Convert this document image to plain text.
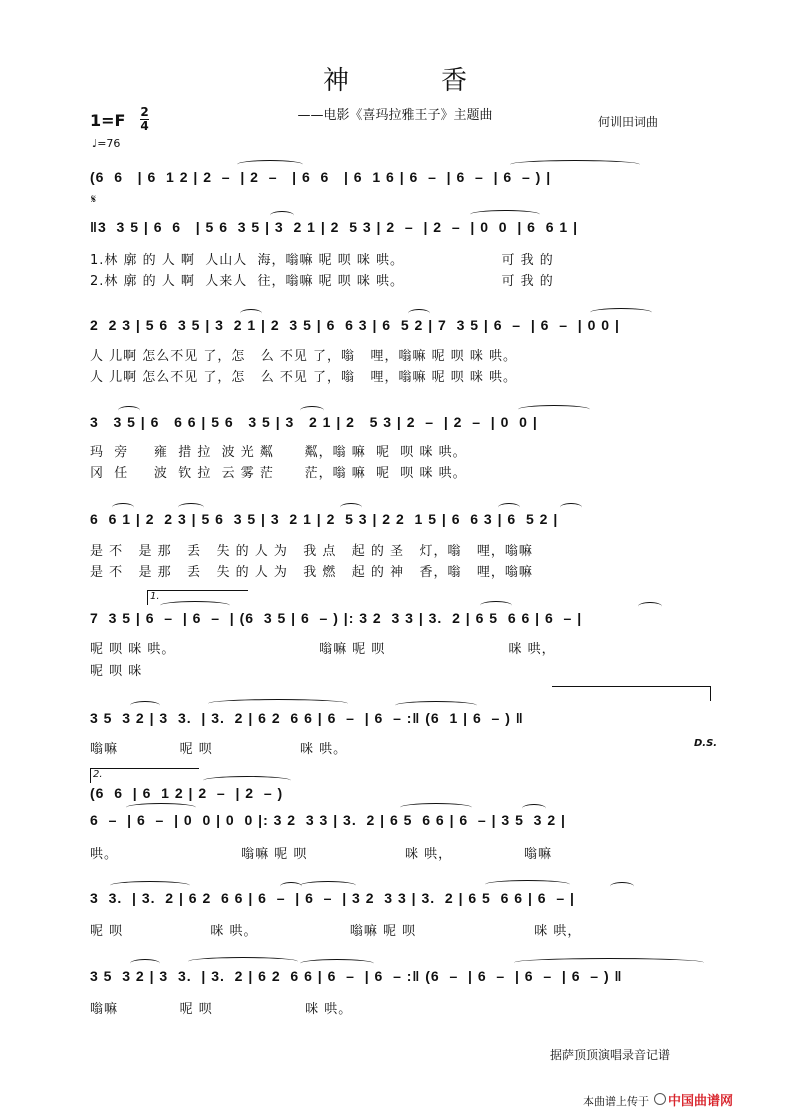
神香
——电影《喜玛拉雅王子》主题曲	何训田词曲
1=F 2
4
♩=76
𝄋
(6  6   | 6  1 2 | 2  –  | 2  –   | 6  6   | 6  1 6 | 6  –  | 6  –  | 6  – ) |
‖3  3 5 | 6  6   | 5 6  3 5 | 3  2 1 | 2  5 3 | 2  –  | 2  –  | 0  0  | 6  6 1 |
1.林 廓 的 人 啊  人山人  海，嗡嘛 呢 呗 咪 哄。                   可 我 的
2.林 廓 的 人 啊  人来人  往，嗡嘛 呢 呗 咪 哄。                   可 我 的
2  2 3 | 5 6  3 5 | 3  2 1 | 2  3 5 | 6  6 3 | 6  5 2 | 7  3 5 | 6  –  | 6  –  | 0 0 |
人 儿啊 怎么不见 了，怎   么 不见 了，嗡   哩，嗡嘛 呢 呗 咪 哄。
人 儿啊 怎么不见 了，怎   么 不见 了，嗡   哩，嗡嘛 呢 呗 咪 哄。
3   3 5 | 6   6 6 | 5 6   3 5 | 3   2 1 | 2   5 3 | 2  –  | 2  –  | 0  0 |
玛  旁     雍  措 拉  波 光 粼      粼，嗡 嘛  呢  呗 咪 哄。
冈  任     波  钦 拉  云 雾 茫      茫，嗡 嘛  呢  呗 咪 哄。
6  6 1 | 2  2 3 | 5 6  3 5 | 3  2 1 | 2  5 3 | 2 2  1 5 | 6  6 3 | 6  5 2 |
是 不   是 那   丢   失 的 人 为   我 点   起 的 圣   灯，嗡   哩，嗡嘛
是 不   是 那   丢   失 的 人 为   我 燃   起 的 神   香，嗡   哩，嗡嘛
1.
7  3 5 | 6  –  | 6  –  | (6  3 5 | 6  – ) |: 3 2  3 3 | 3.  2 | 6 5  6 6 | 6  – |
呢 呗 咪 哄。                            嗡嘛 呢 呗                        咪 哄，
呢 呗 咪
3 5  3 2 | 3  3.  | 3.  2 | 6 2  6 6 | 6  –  | 6  – :‖ (6  1 | 6  – ) ‖
嗡嘛            呢 呗                 咪 哄。	D.S.
2.
(6  6  | 6  1 2 | 2  –  | 2  – )
6  –  | 6  –  | 0  0 | 0  0 |: 3 2  3 3 | 3.  2 | 6 5  6 6 | 6  – | 3 5  3 2 |
哄。                        嗡嘛 呢 呗                   咪 哄，              嗡嘛
3  3.  | 3.  2 | 6 2  6 6 | 6  –  | 6  –  | 3 2  3 3 | 3.  2 | 6 5  6 6 | 6  – |
呢 呗                 咪 哄。                  嗡嘛 呢 呗                       咪 哄，
3 5  3 2 | 3  3.  | 3.  2 | 6 2  6 6 | 6  –  | 6  – :‖ (6  –  | 6  –  | 6  –  | 6  – ) ‖
嗡嘛            呢 呗                  咪 哄。
据萨顶顶演唱录音记谱
本曲谱上传于 中国曲谱网
